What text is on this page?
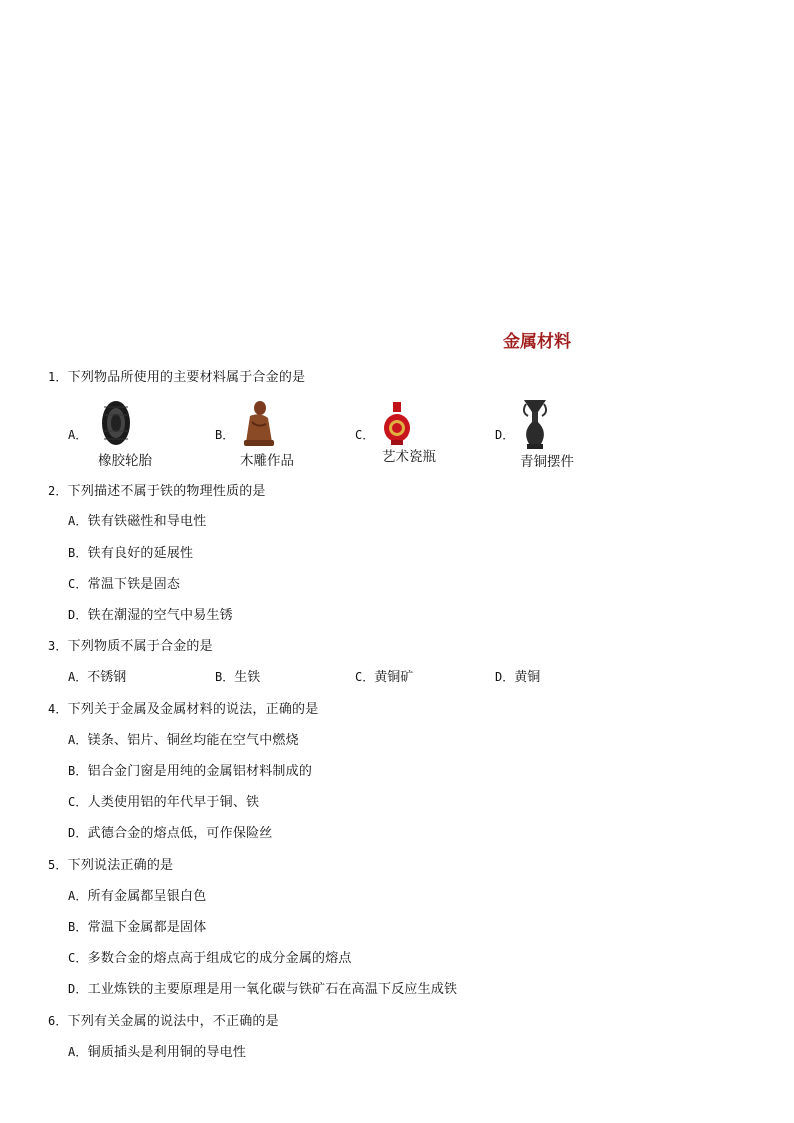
金属材料
1．下列物品所使用的主要材料属于合金的是
A．
橡胶轮胎
B．
木雕作品
C．
艺术瓷瓶
D．
青铜摆件
2．下列描述不属于铁的物理性质的是
A．铁有铁磁性和导电性
B．铁有良好的延展性
C．常温下铁是固态
D．铁在潮湿的空气中易生锈
3．下列物质不属于合金的是
A．不锈钢	B．生铁	C．黄铜矿	D．黄铜
4．下列关于金属及金属材料的说法，正确的是
A．镁条、铝片、铜丝均能在空气中燃烧
B．铝合金门窗是用纯的金属铝材料制成的
C．人类使用铝的年代早于铜、铁
D．武德合金的熔点低，可作保险丝
5．下列说法正确的是
A．所有金属都呈银白色
B．常温下金属都是固体
C．多数合金的熔点高于组成它的成分金属的熔点
D．工业炼铁的主要原理是用一氧化碳与铁矿石在高温下反应生成铁
6．下列有关金属的说法中，不正确的是
A．铜质插头是利用铜的导电性
